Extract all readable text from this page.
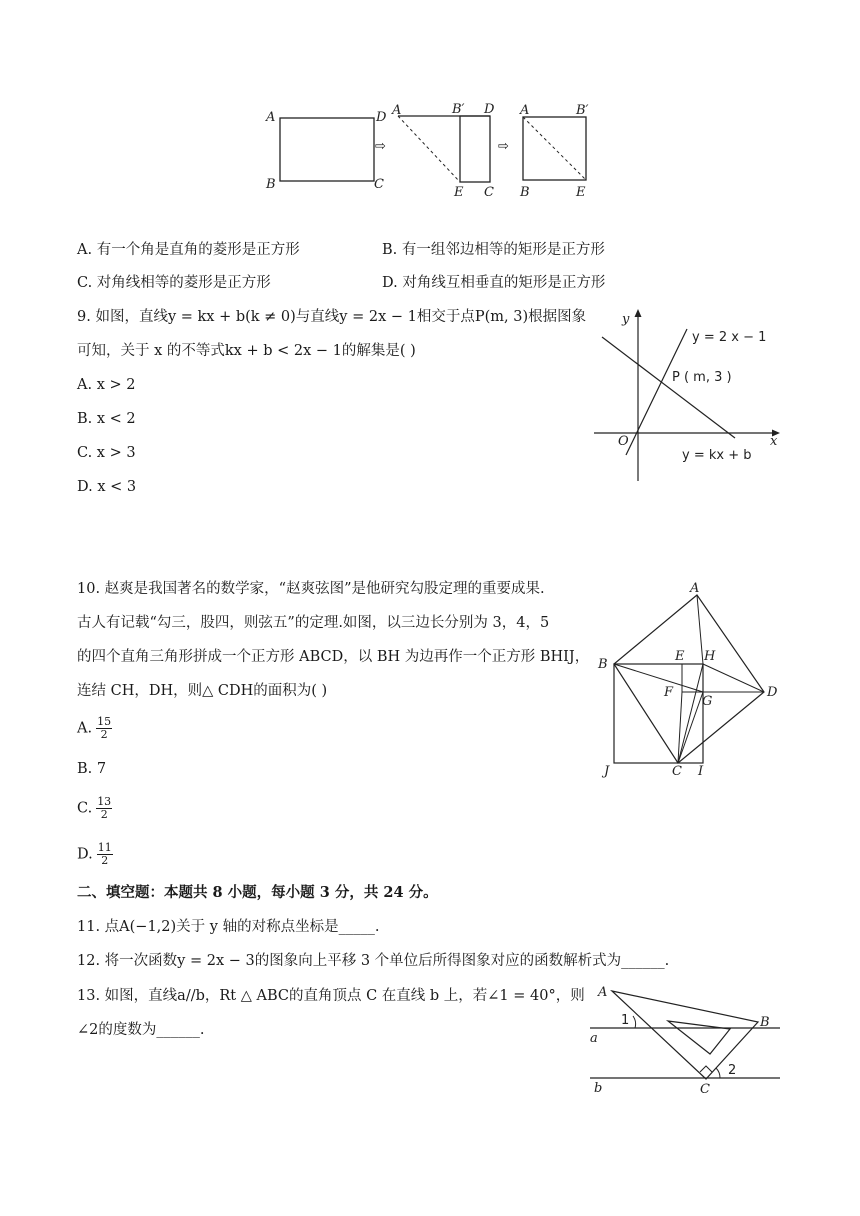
A	D
B	C
⇨
A	B′ D
E C
⇨
A	B′
B	E
A. 有一个角是直角的菱形是正方形	B. 有一组邻边相等的矩形是正方形
C. 对角线相等的菱形是正方形	D. 对角线互相垂直的矩形是正方形
9. 如图，直线y = kx + b(k ≠ 0)与直线y = 2x − 1相交于点P(m, 3)根据图象
可知，关于 x 的不等式kx + b < 2x − 1的解集是( )
A. x > 2
B. x < 2
C. x > 3
D. x < 3
y
x
O
y = 2 x − 1
P ( m, 3 )
y = kx + b
10. 赵爽是我国著名的数学家，“赵爽弦图”是他研究勾股定理的重要成果.
古人有记载“勾三，股四，则弦五”的定理.如图，以三边长分别为 3，4，5
的四个直角三角形拼成一个正方形 ABCD，以 BH 为边再作一个正方形 BHIJ，
连结 CH，DH，则△ CDH的面积为( )
A. $\frac{15}{2}$
B. 7
C. $\frac{13}{2}$
D. $\frac{11}{2}$
A
B
E H
D
F
G
J	C I
二、填空题：本题共 8 小题，每小题 3 分，共 24 分。
11. 点A(−1,2)关于 y 轴的对称点坐标是_____.
12. 将一次函数y = 2x − 3的图象向上平移 3 个单位后所得图象对应的函数解析式为______.
13. 如图，直线a//b，Rt △ ABC的直角顶点 C 在直线 b 上，若∠1 = 40°，则
∠2的度数为______.
A
B
1
a
2
b	C
